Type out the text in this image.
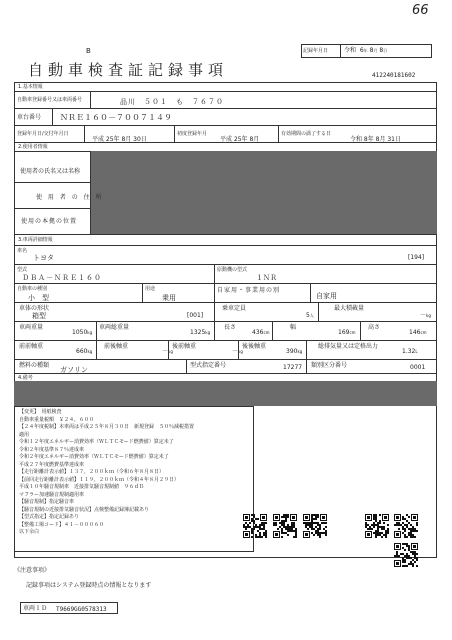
66
B
自動車検査証記録事項
記録年月日	令和 6年 8月 8日
412240181602
1.基本情報
自動車登録番号又は車両番号	品川　５０１　も　７６７０
車台番号 ＮＲＥ１６０－７００７１４９
登録年月日/交付年月日
平成 25年 8月 30日
初度登録年月
平成 25年 8月
有効期間の満了する日
令和 8年 8月 31日
2.使用者情報
使用者の氏名又は名称
使 用 者 の 住 所
使用の本拠の位置
3.車両詳細情報
車名
トヨタ	[194]
型式
ＤＢＡ－ＮＲＥ１６０
原動機の型式
１ＮＲ
自動車の種別
小　型
用途
乗用
自家用・事業用の別
自家用
車体の形状
箱型	[001]
乗車定員
5人
最大積載量
－kg
車両重量
1050kg
車両総重量
1325kg
長さ
436cm
幅
169cm
高さ
146cm
前前軸重
660kg
前後軸重
－kg
後前軸重
－kg
後後軸重
390kg
総排気量又は定格出力
1.32L
燃料の種類
ガソリン
型式指定番号	17277 類別区分番号	0001
4.備考
【変更】　用紙検査
自動車重量税額　￥２４，６００
【２４年度税制】本車両は平成２５年８月３０日　新規登録　５０％減税措置
適用
令和１２年度エネルギー消費効率（ＷＬＴＣモード燃費値）算定未了
令和２年度基準８７％達成車
令和２年度エネルギー消費効率（ＷＬＴＣモード燃費値）算定未了
平成２７年度燃費基準達成車
【走行距離計表示値】１３７，２００ｋｍ（令和６年８月８日）
【前回走行距離計表示値】１１９，２００ｋｍ（令和４年８月２９日）
平成１０年騒音規制車　近接排気騒音規制値　９６ｄＢ
マフラー加速騒音規制適用車
【騒音規制】指定騒音車
【騒音規制の近接排気騒音状況】点検整備記録簿記載あり
【型式指定】指定記録あり
【整備工場コード】４１－０００６０
以下余白
《注意事項》
記録事項はシステム登録時点の情報となります
車両ＩＤ T9669GG0578313
